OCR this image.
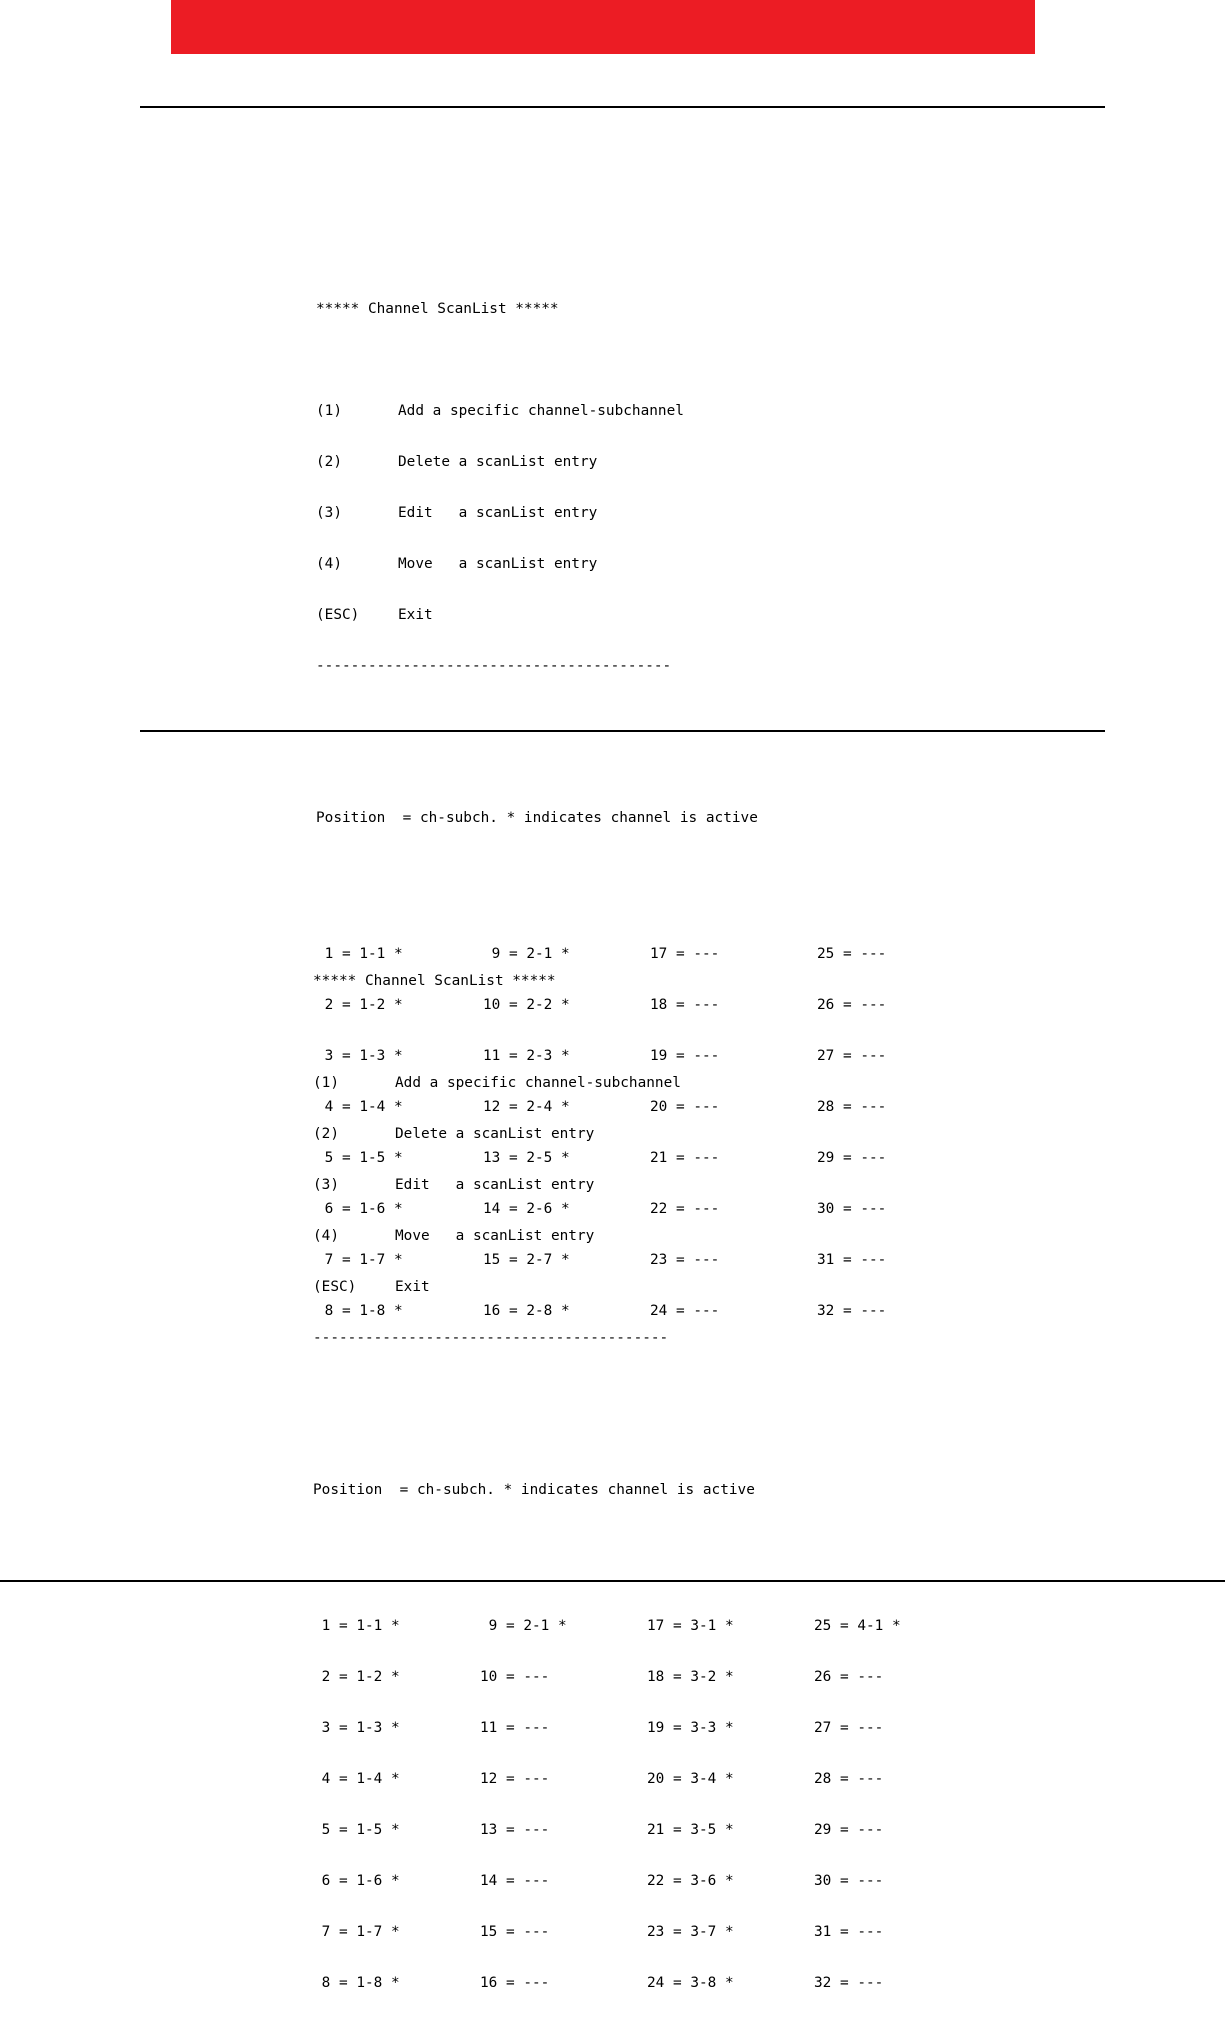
***** Channel ScanList *****

(1)	Add a specific channel-subchannel

(2)	Delete a scanList entry

(3)	Edit   a scanList entry

(4)	Move   a scanList entry

(ESC)	Exit

-----------------------------------------

Position  = ch-subch. * indicates channel is active

1 = 1-1 *	9 = 2-1 *	17 = ---	25 = ---

2 = 1-2 *	10 = 2-2 *	18 = ---	26 = ---

3 = 1-3 *	11 = 2-3 *	19 = ---	27 = ---

4 = 1-4 *	12 = 2-4 *	20 = ---	28 = ---

5 = 1-5 *	13 = 2-5 *	21 = ---	29 = ---

6 = 1-6 *	14 = 2-6 *	22 = ---	30 = ---

7 = 1-7 *	15 = 2-7 *	23 = ---	31 = ---

8 = 1-8 *	16 = 2-8 *	24 = ---	32 = ---

***** Channel ScanList *****

(1)	Add a specific channel-subchannel

(2)	Delete a scanList entry

(3)	Edit   a scanList entry

(4)	Move   a scanList entry

(ESC)	Exit

-----------------------------------------

Position  = ch-subch. * indicates channel is active

1 = 1-1 *	9 = 2-1 *	17 = 3-1 *	25 = 4-1 *

2 = 1-2 *	10 = ---	18 = 3-2 *	26 = ---

3 = 1-3 *	11 = ---	19 = 3-3 *	27 = ---

4 = 1-4 *	12 = ---	20 = 3-4 *	28 = ---

5 = 1-5 *	13 = ---	21 = 3-5 *	29 = ---

6 = 1-6 *	14 = ---	22 = 3-6 *	30 = ---

7 = 1-7 *	15 = ---	23 = 3-7 *	31 = ---

8 = 1-8 *	16 = ---	24 = 3-8 *	32 = ---
